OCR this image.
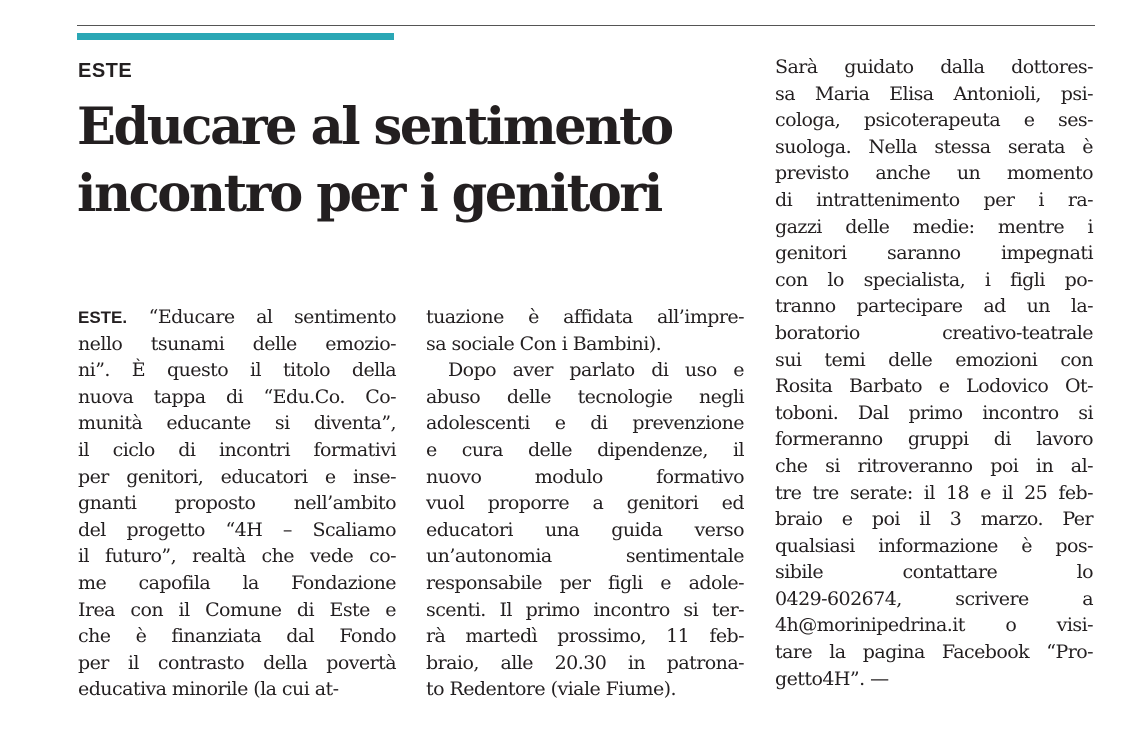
ESTE
Educare al sentimento
incontro per i genitori
ESTE. “Educare al sentimento
nello tsunami delle emozio-
ni”. È questo il titolo della
nuova tappa di “Edu.Co. Co-
munità educante si diventa”,
il ciclo di incontri formativi
per genitori, educatori e inse-
gnanti proposto nell’ambito
del progetto “4H – Scaliamo
il futuro”, realtà che vede co-
me capofila la Fondazione
Irea con il Comune di Este e
che è finanziata dal Fondo
per il contrasto della povertà
educativa minorile (la cui at-
tuazione è affidata all’impre-
sa sociale Con i Bambini).
Dopo aver parlato di uso e
abuso delle tecnologie negli
adolescenti e di prevenzione
e cura delle dipendenze, il
nuovo modulo formativo
vuol proporre a genitori ed
educatori una guida verso
un’autonomia sentimentale
responsabile per figli e adole-
scenti. Il primo incontro si ter-
rà martedì prossimo, 11 feb-
braio, alle 20.30 in patrona-
to Redentore (viale Fiume).
Sarà guidato dalla dottores-
sa Maria Elisa Antonioli, psi-
cologa, psicoterapeuta e ses-
suologa. Nella stessa serata è
previsto anche un momento
di intrattenimento per i ra-
gazzi delle medie: mentre i
genitori saranno impegnati
con lo specialista, i figli po-
tranno partecipare ad un la-
boratorio creativo-teatrale
sui temi delle emozioni con
Rosita Barbato e Lodovico Ot-
toboni. Dal primo incontro si
formeranno gruppi di lavoro
che si ritroveranno poi in al-
tre tre serate: il 18 e il 25 feb-
braio e poi il 3 marzo. Per
qualsiasi informazione è pos-
sibile contattare lo
0429-602674, scrivere a
4h@morinipedrina.it o visi-
tare la pagina Facebook “Pro-
getto4H”. —
